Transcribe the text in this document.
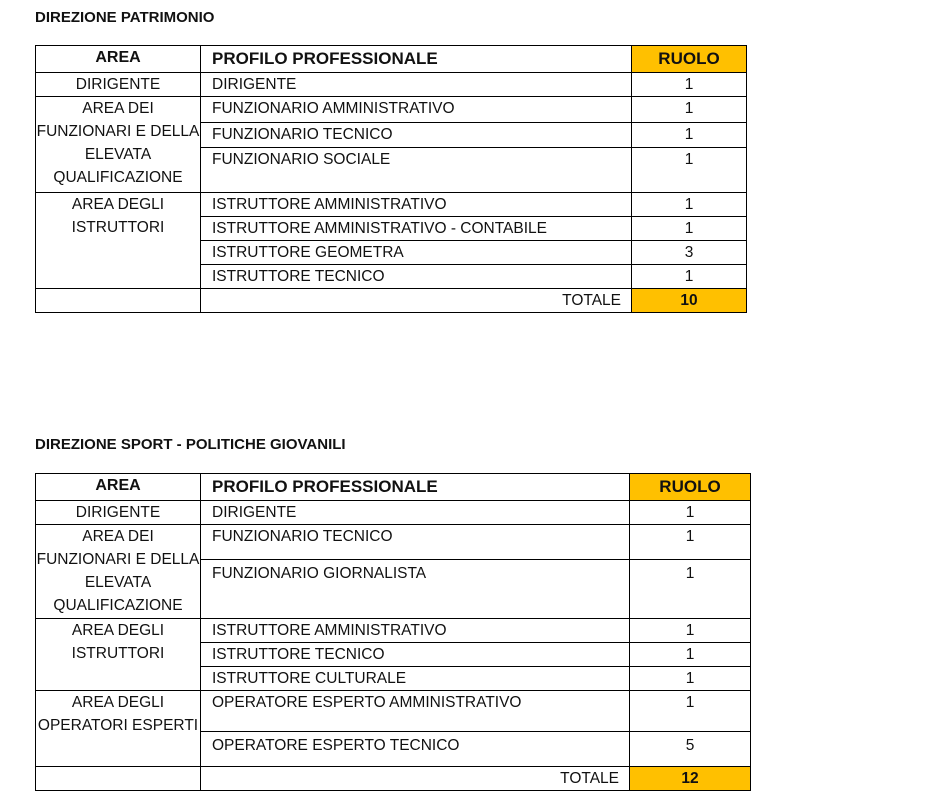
DIREZIONE PATRIMONIO
AREA	PROFILO PROFESSIONALE	RUOLO
DIRIGENTE	DIRIGENTE	1
AREA DEI FUNZIONARI E DELLA ELEVATA QUALIFICAZIONE	FUNZIONARIO AMMINISTRATIVO	1
	FUNZIONARIO TECNICO	1
	FUNZIONARIO SOCIALE	1
AREA DEGLI ISTRUTTORI	ISTRUTTORE AMMINISTRATIVO	1
	ISTRUTTORE AMMINISTRATIVO - CONTABILE	1
	ISTRUTTORE GEOMETRA	3
	ISTRUTTORE TECNICO	1
	TOTALE	10
DIREZIONE SPORT - POLITICHE GIOVANILI
AREA	PROFILO PROFESSIONALE	RUOLO
DIRIGENTE	DIRIGENTE	1
AREA DEI FUNZIONARI E DELLA ELEVATA QUALIFICAZIONE	FUNZIONARIO TECNICO	1
	FUNZIONARIO GIORNALISTA	1
AREA DEGLI ISTRUTTORI	ISTRUTTORE AMMINISTRATIVO	1
	ISTRUTTORE TECNICO	1
	ISTRUTTORE CULTURALE	1
AREA DEGLI OPERATORI ESPERTI	OPERATORE ESPERTO AMMINISTRATIVO	1
	OPERATORE ESPERTO TECNICO	5
	TOTALE	12
